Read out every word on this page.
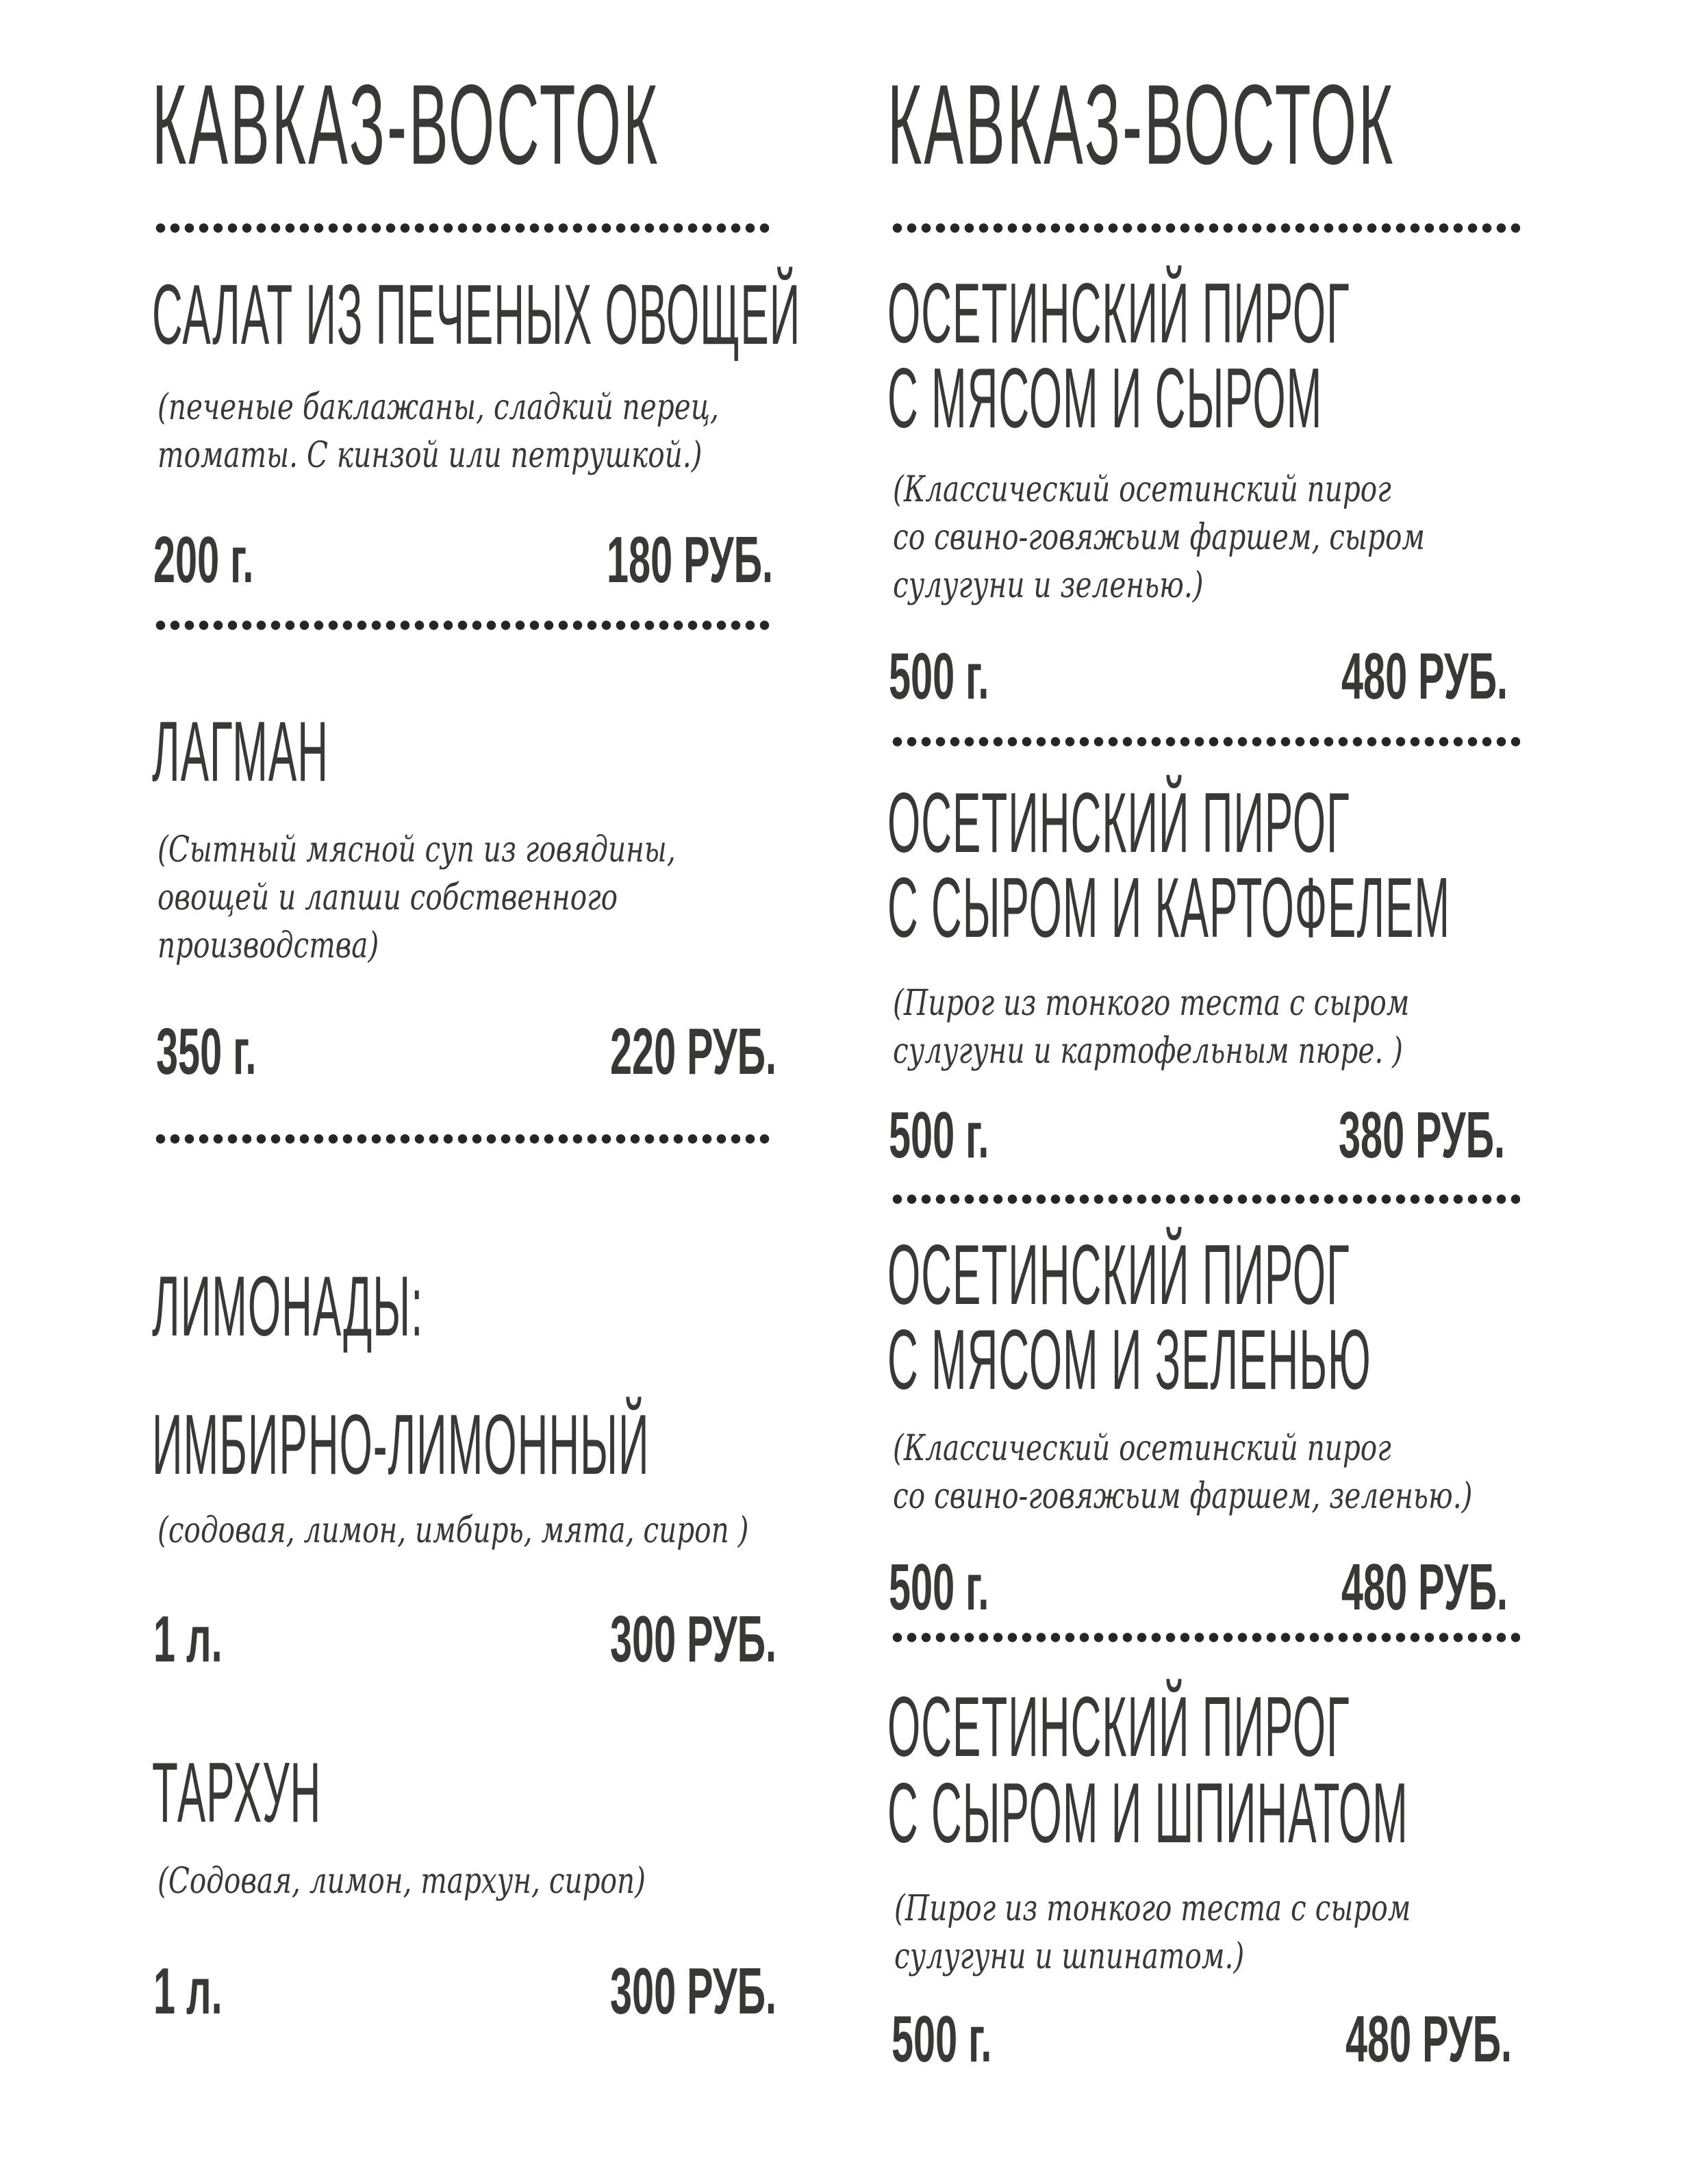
КАВКАЗ-ВОСТОК
САЛАТ ИЗ ПЕЧЕНЫХ ОВОЩЕЙ
(печеные баклажаны, сладкий перец,
томаты. С кинзой или петрушкой.)
200 г.	180 РУБ.
ЛАГМАН
(Сытный мясной суп из говядины,
овощей и лапши собственного
производства)
350 г.	220 РУБ.
ЛИМОНАДЫ:
ИМБИРНО-ЛИМОННЫЙ
(содовая, лимон, имбирь, мята, сироп )
1 л.	300 РУБ.
ТАРХУН
(Содовая, лимон, тархун, сироп)
1 л.	300 РУБ.
КАВКАЗ-ВОСТОК
ОСЕТИНСКИЙ ПИРОГ
С МЯСОМ И СЫРОМ
(Классический осетинский пирог
со свино-говяжьим фаршем, сыром
сулугуни и зеленью.)
500 г.	480 РУБ.
ОСЕТИНСКИЙ ПИРОГ
С СЫРОМ И КАРТОФЕЛЕМ
(Пирог из тонкого теста с сыром
сулугуни и картофельным пюре. )
500 г.	380 РУБ.
ОСЕТИНСКИЙ ПИРОГ
С МЯСОМ И ЗЕЛЕНЬЮ
(Классический осетинский пирог
со свино-говяжьим фаршем, зеленью.)
500 г.	480 РУБ.
ОСЕТИНСКИЙ ПИРОГ
С СЫРОМ И ШПИНАТОМ
(Пирог из тонкого теста с сыром
сулугуни и шпинатом.)
500 г.	480 РУБ.
